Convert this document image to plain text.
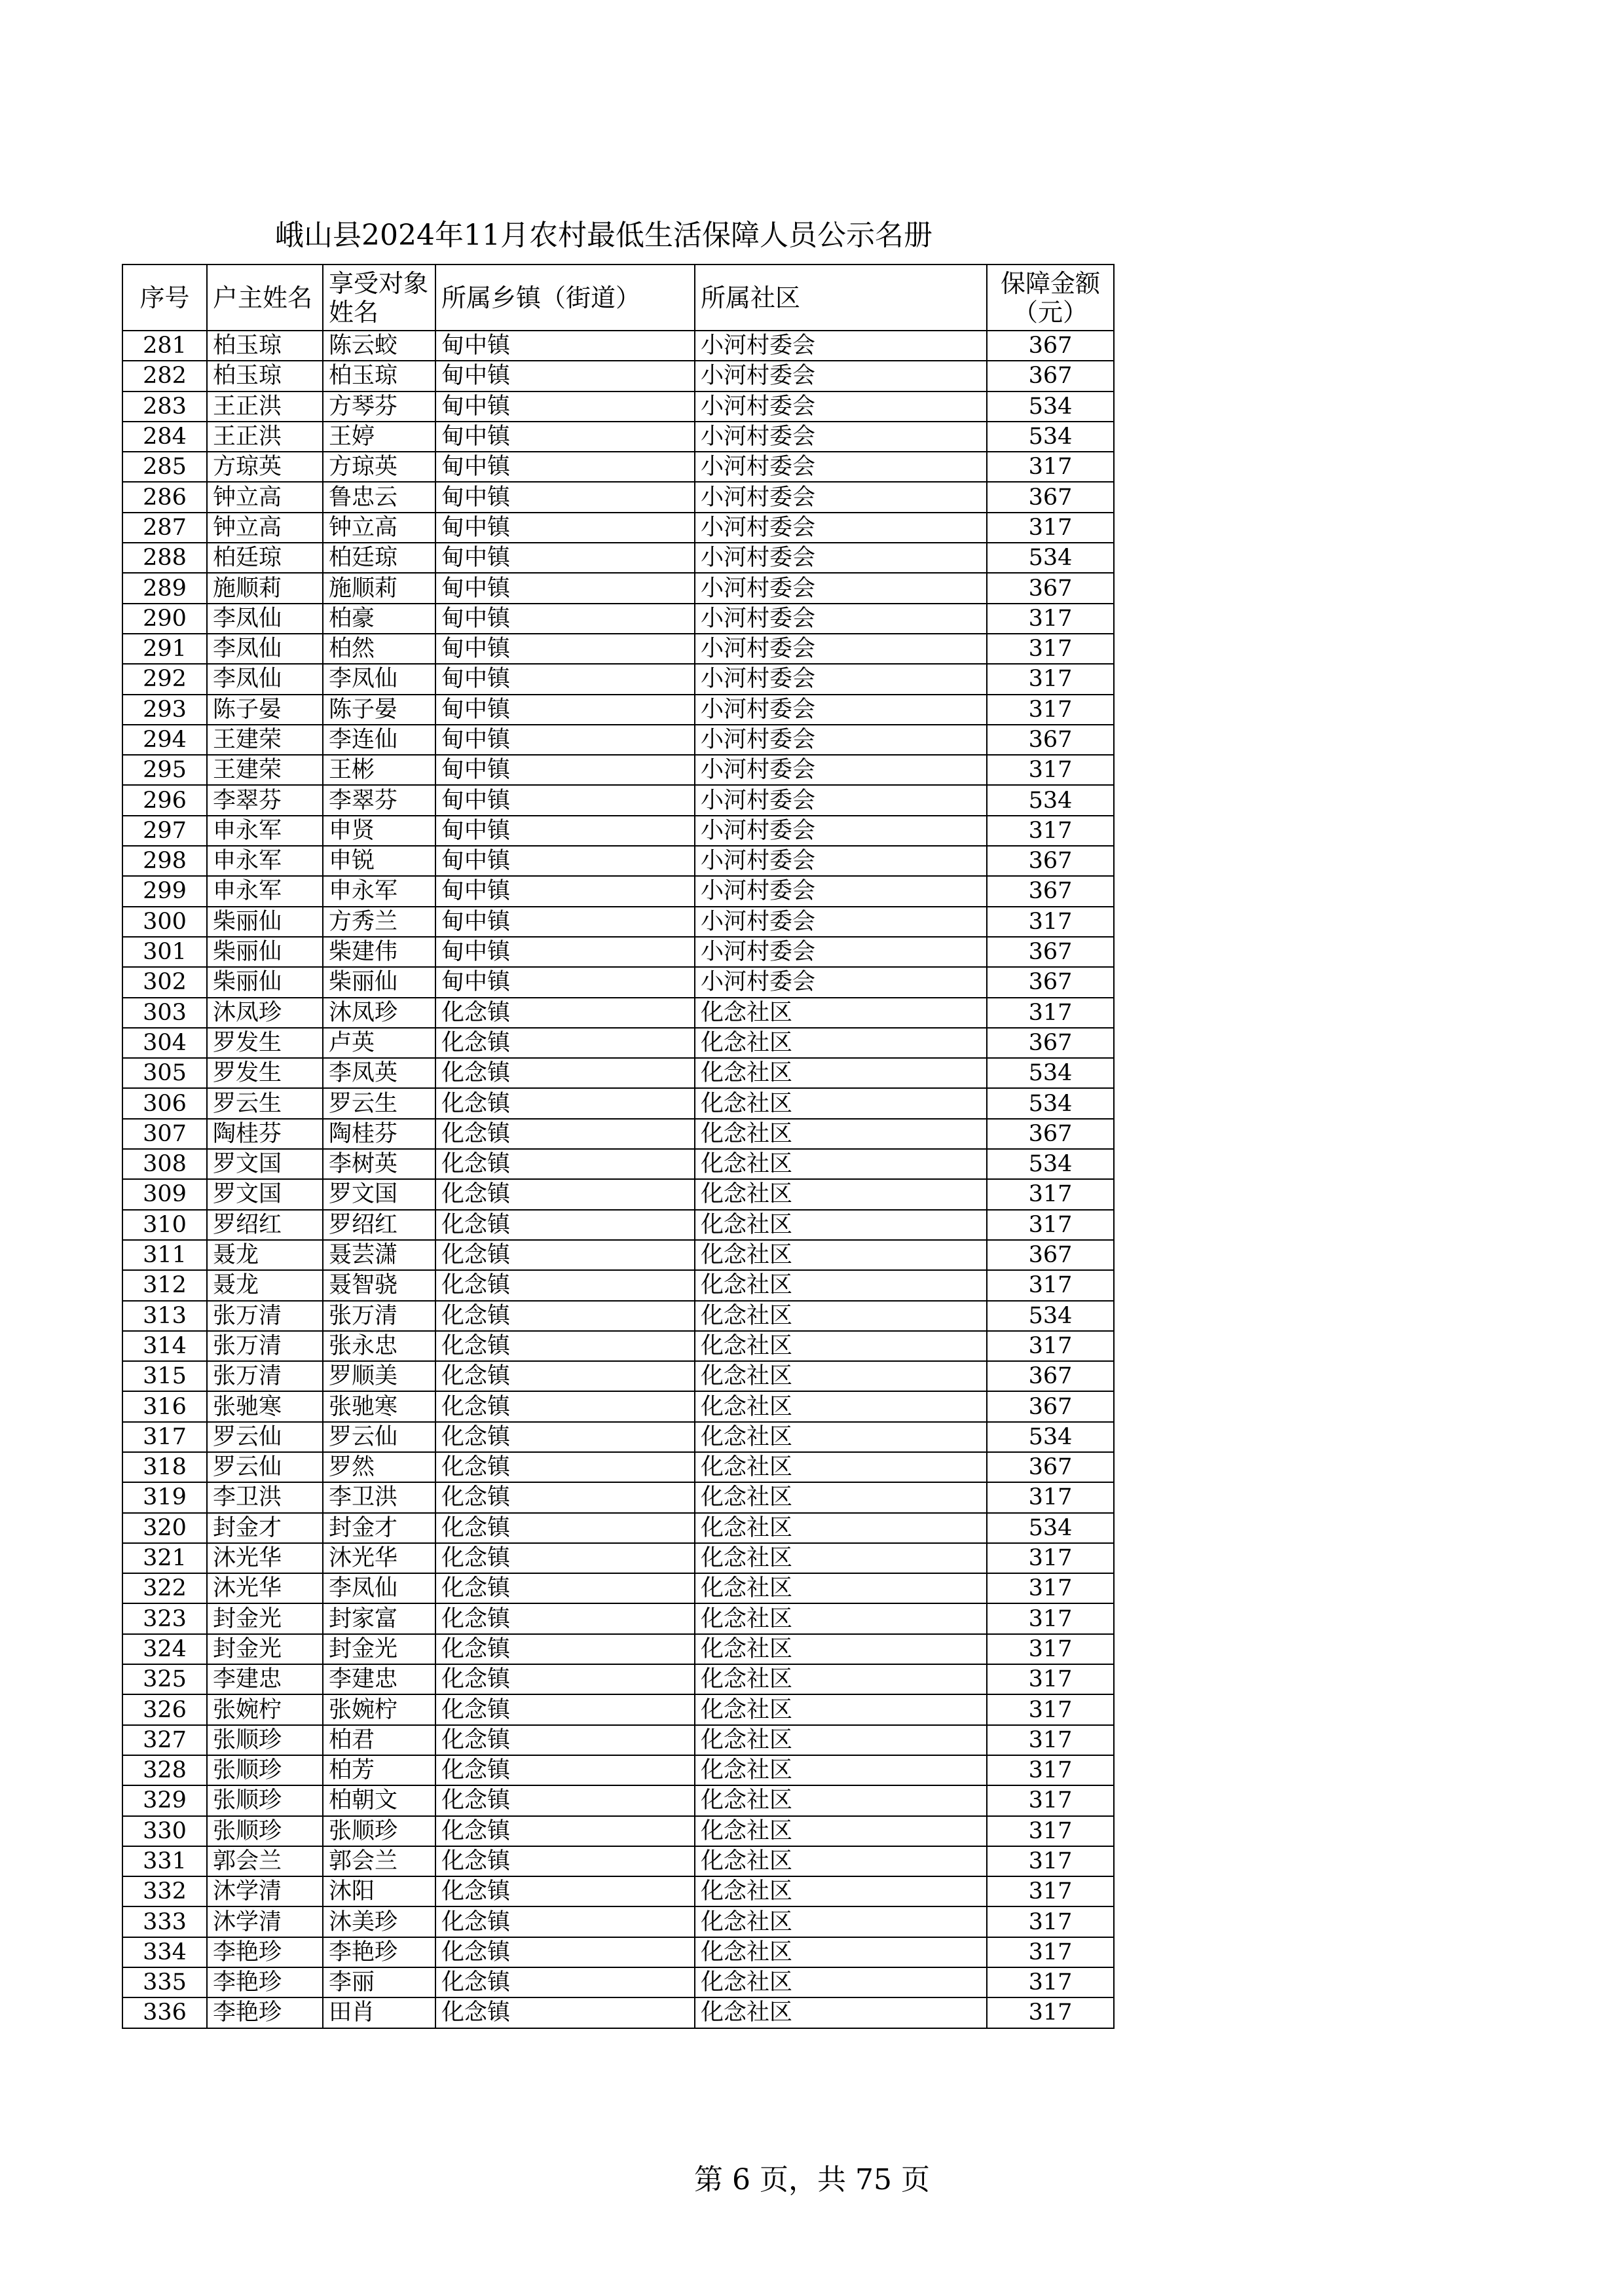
峨山县2024年11月农村最低生活保障人员公示名册
序号	户主姓名	享受对象姓名	所属乡镇（街道）	所属社区	保障金额（元）
281	柏玉琼	陈云蛟	甸中镇	小河村委会	367
282	柏玉琼	柏玉琼	甸中镇	小河村委会	367
283	王正洪	方琴芬	甸中镇	小河村委会	534
284	王正洪	王婷	甸中镇	小河村委会	534
285	方琼英	方琼英	甸中镇	小河村委会	317
286	钟立高	鲁忠云	甸中镇	小河村委会	367
287	钟立高	钟立高	甸中镇	小河村委会	317
288	柏廷琼	柏廷琼	甸中镇	小河村委会	534
289	施顺莉	施顺莉	甸中镇	小河村委会	367
290	李凤仙	柏豪	甸中镇	小河村委会	317
291	李凤仙	柏然	甸中镇	小河村委会	317
292	李凤仙	李凤仙	甸中镇	小河村委会	317
293	陈子晏	陈子晏	甸中镇	小河村委会	317
294	王建荣	李连仙	甸中镇	小河村委会	367
295	王建荣	王彬	甸中镇	小河村委会	317
296	李翠芬	李翠芬	甸中镇	小河村委会	534
297	申永军	申贤	甸中镇	小河村委会	317
298	申永军	申锐	甸中镇	小河村委会	367
299	申永军	申永军	甸中镇	小河村委会	367
300	柴丽仙	方秀兰	甸中镇	小河村委会	317
301	柴丽仙	柴建伟	甸中镇	小河村委会	367
302	柴丽仙	柴丽仙	甸中镇	小河村委会	367
303	沐凤珍	沐凤珍	化念镇	化念社区	317
304	罗发生	卢英	化念镇	化念社区	367
305	罗发生	李凤英	化念镇	化念社区	534
306	罗云生	罗云生	化念镇	化念社区	534
307	陶桂芬	陶桂芬	化念镇	化念社区	367
308	罗文国	李树英	化念镇	化念社区	534
309	罗文国	罗文国	化念镇	化念社区	317
310	罗绍红	罗绍红	化念镇	化念社区	317
311	聂龙	聂芸潇	化念镇	化念社区	367
312	聂龙	聂智骁	化念镇	化念社区	317
313	张万清	张万清	化念镇	化念社区	534
314	张万清	张永忠	化念镇	化念社区	317
315	张万清	罗顺美	化念镇	化念社区	367
316	张驰寒	张驰寒	化念镇	化念社区	367
317	罗云仙	罗云仙	化念镇	化念社区	534
318	罗云仙	罗然	化念镇	化念社区	367
319	李卫洪	李卫洪	化念镇	化念社区	317
320	封金才	封金才	化念镇	化念社区	534
321	沐光华	沐光华	化念镇	化念社区	317
322	沐光华	李凤仙	化念镇	化念社区	317
323	封金光	封家富	化念镇	化念社区	317
324	封金光	封金光	化念镇	化念社区	317
325	李建忠	李建忠	化念镇	化念社区	317
326	张婉柠	张婉柠	化念镇	化念社区	317
327	张顺珍	柏君	化念镇	化念社区	317
328	张顺珍	柏芳	化念镇	化念社区	317
329	张顺珍	柏朝文	化念镇	化念社区	317
330	张顺珍	张顺珍	化念镇	化念社区	317
331	郭会兰	郭会兰	化念镇	化念社区	317
332	沐学清	沐阳	化念镇	化念社区	317
333	沐学清	沐美珍	化念镇	化念社区	317
334	李艳珍	李艳珍	化念镇	化念社区	317
335	李艳珍	李丽	化念镇	化念社区	317
336	李艳珍	田肖	化念镇	化念社区	317
第 6 页，共 75 页
